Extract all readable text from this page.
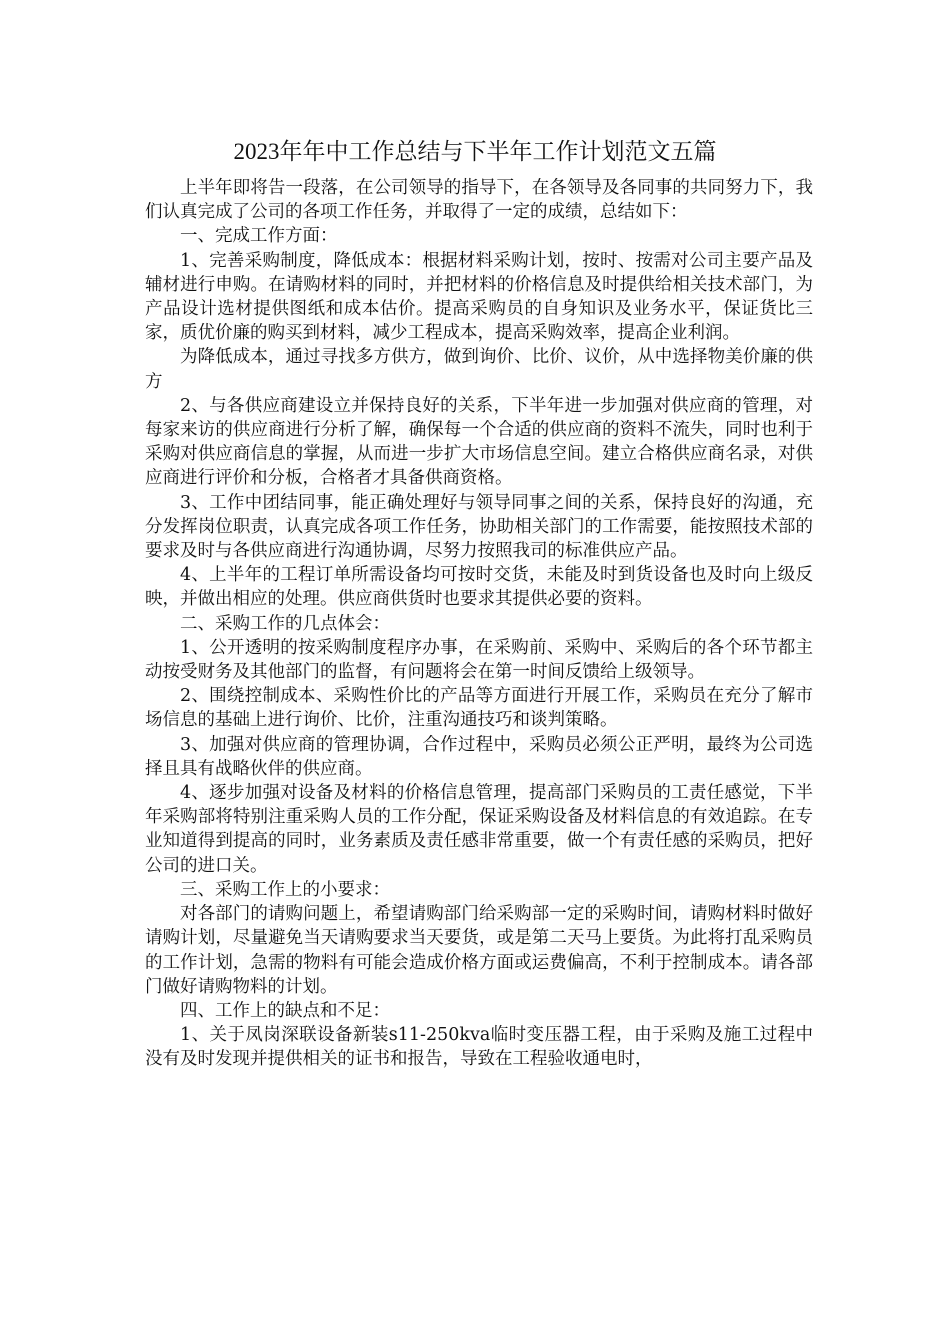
2023年年中工作总结与下半年工作计划范文五篇

上半年即将告一段落，在公司领导的指导下，在各领导及各同事的共同努力下，我们认真完成了公司的各项工作任务，并取得了一定的成绩，总结如下：

一、完成工作方面：

1、完善采购制度，降低成本：根据材料采购计划，按时、按需对公司主要产品及辅材进行申购。在请购材料的同时，并把材料的价格信息及时提供给相关技术部门，为产品设计选材提供图纸和成本估价。提高采购员的自身知识及业务水平，保证货比三家，质优价廉的购买到材料，减少工程成本，提高采购效率，提高企业利润。

为降低成本，通过寻找多方供方，做到询价、比价、议价，从中选择物美价廉的供方

2、与各供应商建设立并保持良好的关系，下半年进一步加强对供应商的管理，对每家来访的供应商进行分析了解，确保每一个合适的供应商的资料不流失，同时也利于采购对供应商信息的掌握，从而进一步扩大市场信息空间。建立合格供应商名录，对供应商进行评价和分板，合格者才具备供商资格。

3、工作中团结同事，能正确处理好与领导同事之间的关系，保持良好的沟通，充分发挥岗位职责，认真完成各项工作任务，协助相关部门的工作需要，能按照技术部的要求及时与各供应商进行沟通协调，尽努力按照我司的标准供应产品。

4、上半年的工程订单所需设备均可按时交货，未能及时到货设备也及时向上级反映，并做出相应的处理。供应商供货时也要求其提供必要的资料。

二、采购工作的几点体会：

1、公开透明的按采购制度程序办事，在采购前、采购中、采购后的各个环节都主动按受财务及其他部门的监督，有问题将会在第一时间反馈给上级领导。

2、围绕控制成本、采购性价比的产品等方面进行开展工作，采购员在充分了解市场信息的基础上进行询价、比价，注重沟通技巧和谈判策略。

3、加强对供应商的管理协调，合作过程中，采购员必须公正严明，最终为公司选择且具有战略伙伴的供应商。

4、逐步加强对设备及材料的价格信息管理，提高部门采购员的工责任感觉，下半年采购部将特别注重采购人员的工作分配，保证采购设备及材料信息的有效追踪。在专业知道得到提高的同时，业务素质及责任感非常重要，做一个有责任感的采购员，把好公司的进口关。

三、采购工作上的小要求：

对各部门的请购问题上，希望请购部门给采购部一定的采购时间，请购材料时做好请购计划，尽量避免当天请购要求当天要货，或是第二天马上要货。为此将打乱采购员的工作计划，急需的物料有可能会造成价格方面或运费偏高，不利于控制成本。请各部门做好请购物料的计划。

四、工作上的缺点和不足：

1、关于凤岗深联设备新装s11-250kva临时变压器工程，由于采购及施工过程中没有及时发现并提供相关的证书和报告，导致在工程验收通电时，
